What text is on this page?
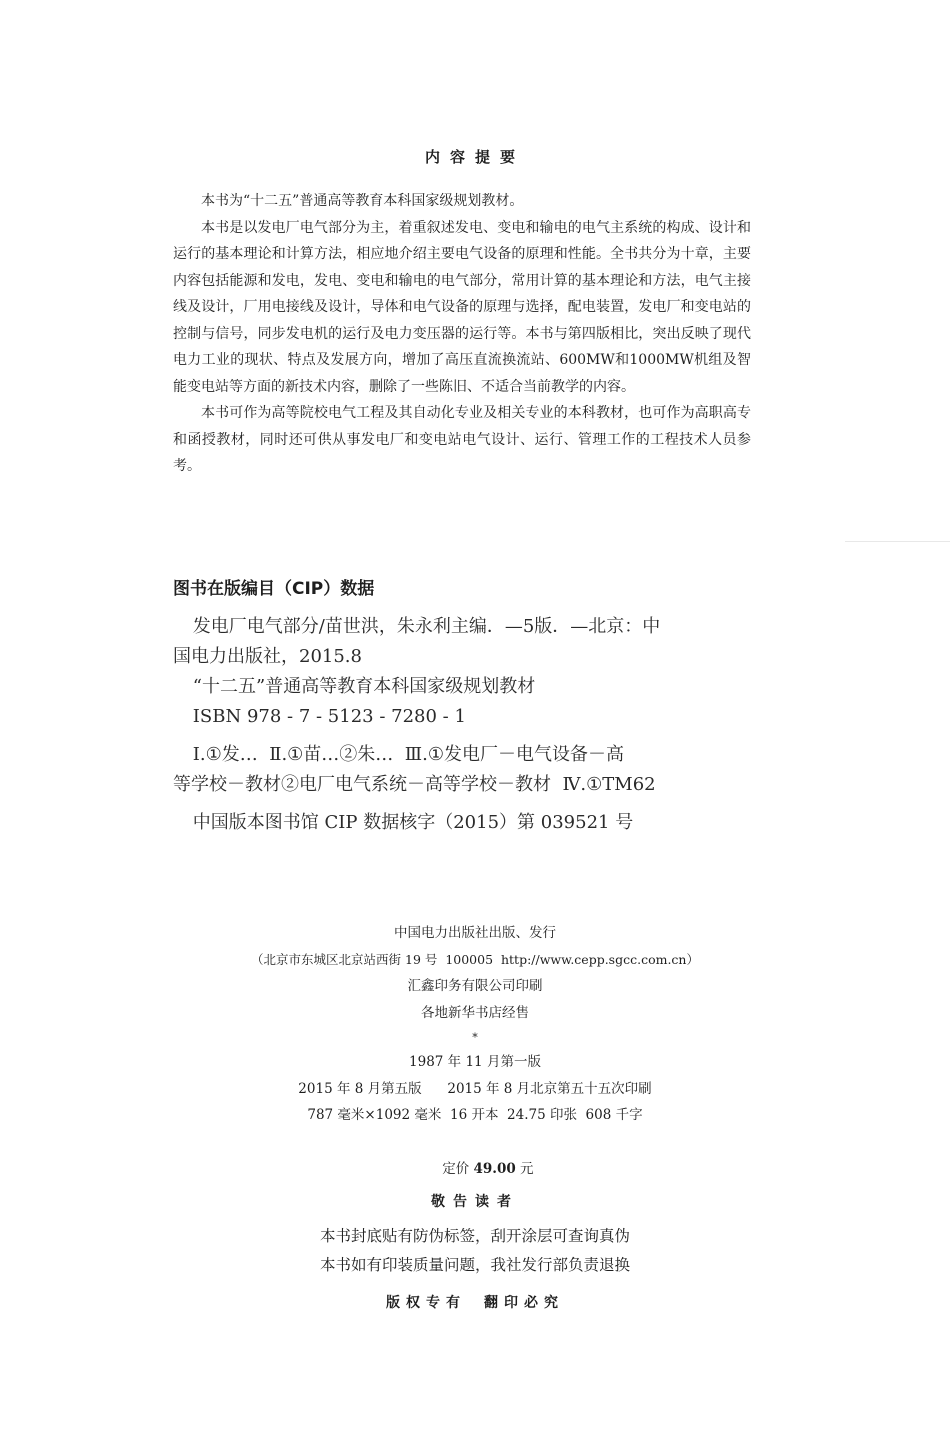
内容提要

本书为“十二五”普通高等教育本科国家级规划教材。

本书是以发电厂电气部分为主，着重叙述发电、变电和输电的电气主系统的构成、设计和运行的基本理论和计算方法，相应地介绍主要电气设备的原理和性能。全书共分为十章，主要内容包括能源和发电，发电、变电和输电的电气部分，常用计算的基本理论和方法，电气主接线及设计，厂用电接线及设计，导体和电气设备的原理与选择，配电装置，发电厂和变电站的控制与信号，同步发电机的运行及电力变压器的运行等。本书与第四版相比，突出反映了现代电力工业的现状、特点及发展方向，增加了高压直流换流站、600MW和1000MW机组及智能变电站等方面的新技术内容，删除了一些陈旧、不适合当前教学的内容。

本书可作为高等院校电气工程及其自动化专业及相关专业的本科教材，也可作为高职高专和函授教材，同时还可供从事发电厂和变电站电气设计、运行、管理工作的工程技术人员参考。

图书在版编目（CIP）数据
发电厂电气部分/苗世洪，朱永利主编．—5版．—北京：中
国电力出版社，2015.8
“十二五”普通高等教育本科国家级规划教材
ISBN 978 - 7 - 5123 - 7280 - 1
Ⅰ.①发…  Ⅱ.①苗…②朱…  Ⅲ.①发电厂－电气设备－高
等学校－教材②电厂电气系统－高等学校－教材  Ⅳ.①TM62
中国版本图书馆 CIP 数据核字（2015）第 039521 号
中国电力出版社出版、发行
（北京市东城区北京站西街 19 号  100005  http://www.cepp.sgcc.com.cn）
汇鑫印务有限公司印刷
各地新华书店经售
*
1987 年 11 月第一版
2015 年 8 月第五版      2015 年 8 月北京第五十五次印刷
787 毫米×1092 毫米  16 开本  24.75 印张  608 千字

定价 49.00 元

敬告读者
本书封底贴有防伪标签，刮开涂层可查询真伪
本书如有印装质量问题，我社发行部负责退换
版权专有 翻印必究
